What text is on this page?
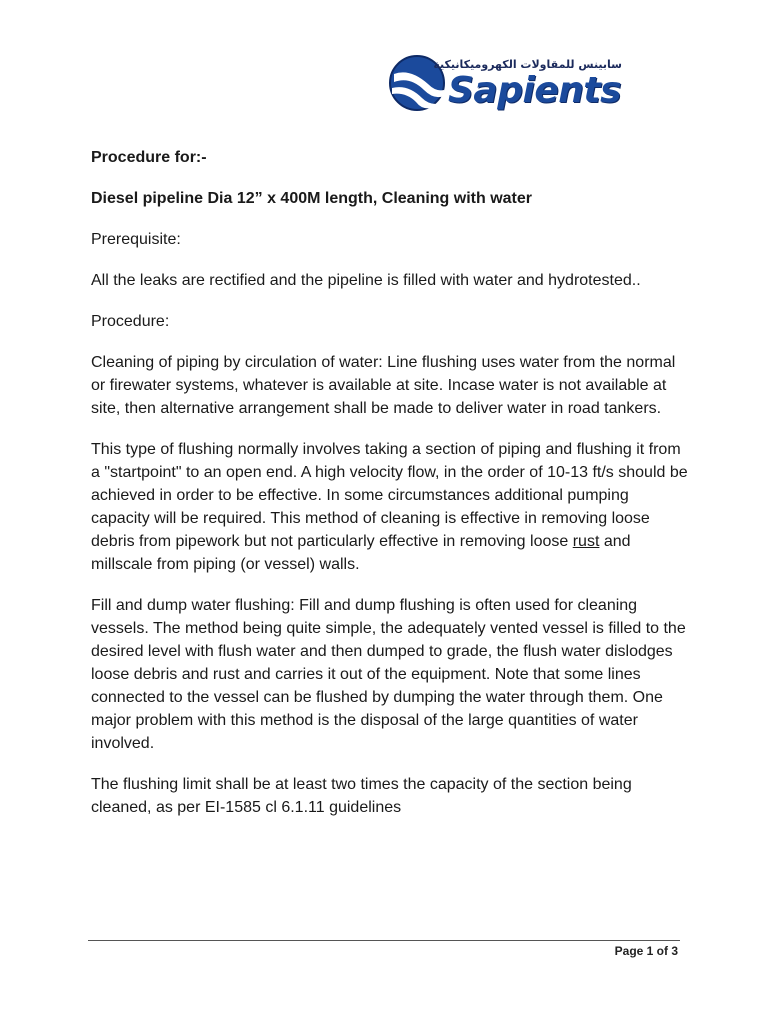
سابينس للمقاولات الكهروميكانيكية
Sapients

Procedure for:-

Diesel pipeline Dia 12” x 400M length, Cleaning with water

Prerequisite:

All the leaks are rectified and the pipeline is filled with water and hydrotested..

Procedure:

Cleaning of piping by circulation of water: Line flushing uses water from the normal or firewater systems, whatever is available at site. Incase water is not available at site, then alternative arrangement shall be made to deliver water in road tankers.

This type of flushing normally involves taking a section of piping and flushing it from a "startpoint" to an open end. A high velocity flow, in the order of 10-13 ft/s should be achieved in order to be effective. In some circumstances additional pumping capacity will be required. This method of cleaning is effective in removing loose debris from pipework but not particularly effective in removing loose rust and millscale from piping (or vessel) walls.

Fill and dump water flushing: Fill and dump flushing is often used for cleaning vessels. The method being quite simple, the adequately vented vessel is filled to the desired level with flush water and then dumped to grade, the flush water dislodges loose debris and rust and carries it out of the equipment. Note that some lines connected to the vessel can be flushed by dumping the water through them. One major problem with this method is the disposal of the large quantities of water involved.

The flushing limit shall be at least two times the capacity of the section being cleaned, as per EI-1585 cl 6.1.11 guidelines

Page 1 of 3
